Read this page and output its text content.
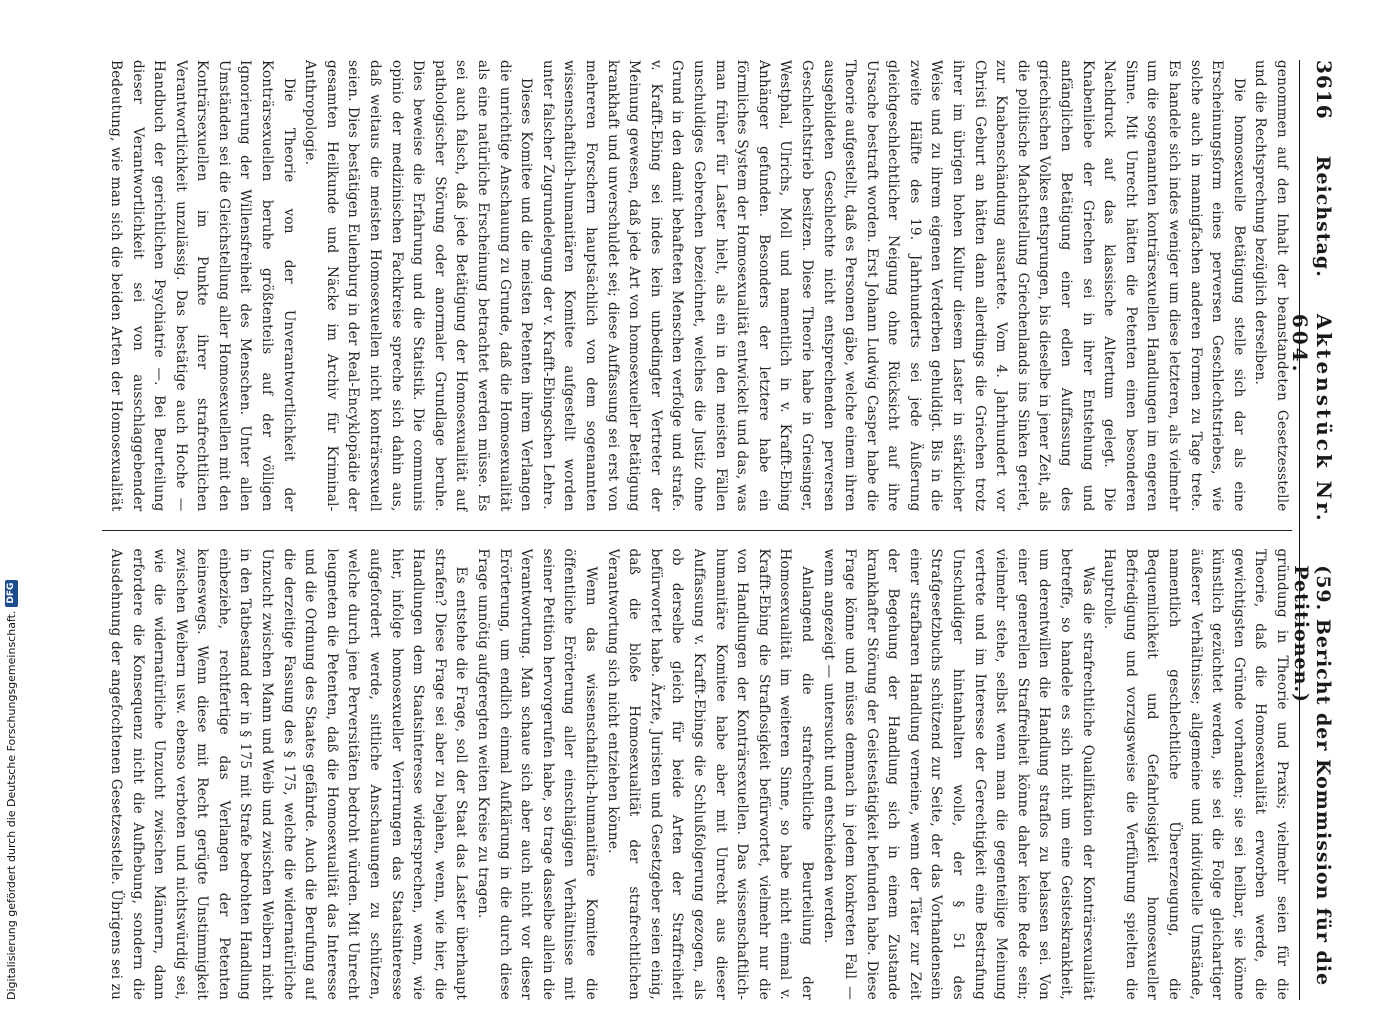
3616
Reichstag.
Aktenstück Nr. 604.
(59. Bericht der Kommission für die Petitionen.)

genommen auf den Inhalt der beanstandeten Gesetzesstelle und die Rechtsprechung bezüglich derselben.

Die homosexuelle Betätigung stelle sich dar als eine Erscheinungsform eines perversen Geschlechtstriebes, wie solche auch in mannigfachen anderen Formen zu Tage trete. Es handele sich indes weniger um diese letzteren, als vielmehr um die sogenannten konträrsexuellen Handlungen im engeren Sinne. Mit Unrecht hätten die Petenten einen besonderen Nachdruck auf das klassische Altertum gelegt. Die Knabenliebe der Griechen sei in ihrer Entstehung und anfänglichen Betätigung einer edlen Auffassung des griechischen Volkes entsprungen, bis dieselbe in jener Zeit, als die politische Machtstellung Griechenlands ins Sinken geriet, zur Knabenschändung ausartete. Vom 4. Jahrhundert vor Christi Geburt an hätten dann allerdings die Griechen trotz ihrer im übrigen hohen Kultur diesem Laster in stärklicher Weise und zu ihrem eigenen Verderben gehuldigt. Bis in die zweite Hälfte des 19. Jahrhunderts sei jede Äußerung gleichgeschlechtlicher Neigung ohne Rücksicht auf ihre Ursache bestraft worden. Erst Johann Ludwig Casper habe die Theorie aufgestellt, daß es Personen gäbe, welche einem ihren ausgebildeten Geschlechte nicht entsprechenden perversen Geschlechtstrieb besitzen. Diese Theorie habe in Griesinger, Westphal, Ulrichs, Moll und namentlich in v. Krafft-Ebing Anhänger gefunden. Besonders der letztere habe ein förmliches System der Homosexualität entwickelt und das, was man früher für Laster hielt, als ein in den meisten Fällen unschuldiges Gebrechen bezeichnet, welches die Justiz ohne Grund in den damit behafteten Menschen verfolge und strafe. v. Krafft-Ebing sei indes kein unbedingter Vertreter der Meinung gewesen, daß jede Art von homosexueller Betätigung krankhaft und unverschuldet sei; diese Auffassung sei erst von mehreren Forschern hauptsächlich von dem sogenannten wissenschaftlich-humanitären Komitee aufgestellt worden unter falscher Zugrundelegung der v. Krafft-Ebingschen Lehre.

Dieses Komitee und die meisten Petenten ihrem Verlangen die unrichtige Anschauung zu Grunde, daß die Homosexualität als eine natürliche Erscheinung betrachtet werden müsse. Es sei auch falsch, daß jede Betätigung der Homosexualität auf pathologischer Störung oder anormaler Grundlage beruhe. Dies beweise die Erfahrung und die Statistik. Die communis opinio der medizinischen Fachkreise spreche sich dahin aus, daß weitaus die meisten Homosexuellen nicht konträrsexuell seien. Dies bestätigen Eulenburg in der Real-Encyklopädie der gesamten Heilkunde und Näcke im Archiv für Kriminal-Anthropologie.

Die Theorie von der Unverantwortlichkeit der Konträrsexuellen beruhe größtenteils auf der völligen Ignorierung der Willensfreiheit des Menschen. Unter allen Umständen sei die Gleichstellung aller Homosexuellen mit den Konträrsexuellen im Punkte ihrer strafrechtlichen Verantwortlichkeit unzulässig. Das bestätige auch Hoche — Handbuch der gerichtlichen Psychiatrie —. Bei Beurteilung dieser Verantwortlichkeit sei von ausschlaggebender Bedeutung, wie man sich die beiden Arten der Homosexualität

gründung in Theorie und Praxis; vielmehr seien für die Theorie, daß die Homosexualität erworben werde, die gewichtigsten Gründe vorhanden; sie sei heilbar, sie könne künstlich gezüchtet werden, sie sei die Folge gleichartiger äußerer Verhältnisse; allgemeine und individuelle Umstände, namentlich geschlechtliche Übererzeugung, die Bequemlichkeit und Gefahrlosigkeit homosexueller Befriedigung und vorzugsweise die Verführung spielten die Hauptrolle.

Was die strafrechtliche Qualifikation der Konträrsexualität betreffe, so handele es sich nicht um eine Geisteskrankheit, um derentwillen die Handlung straflos zu belassen sei. Von einer generellen Straffreiheit könne daher keine Rede sein; vielmehr stehe, selbst wenn man die gegenteilige Meinung vertrete und im Interesse der Gerechtigkeit eine Bestrafung Unschuldiger hintanhalten wolle, der § 51 des Strafgesetzbuchs schützend zur Seite, der das Vorhandensein einer strafbaren Handlung verneine, wenn der Täter zur Zeit der Begehung der Handlung sich in einem Zustande krankhafter Störung der Geistestätigkeit befunden habe. Diese Frage könne und müsse demnach in jedem konkreten Fall — wenn angezeigt — untersucht und entschieden werden.

Anlangend die strafrechtliche Beurteilung der Homosexualität im weiteren Sinne, so habe nicht einmal v. Krafft-Ebing die Straflosigkeit befürwortet, vielmehr nur die von Handlungen der Konträrsexuellen. Das wissenschaftlich-humanitäre Komitee habe aber mit Unrecht aus dieser Auffassung v. Krafft-Ebings die Schlußfolgerung gezogen, als ob derselbe gleich für beide Arten der Straffreiheit befürwortet habe. Ärzte, Juristen und Gesetzgeber seien einig, daß die bloße Homosexualität der strafrechtlichen Verantwortung sich nicht entziehen könne.

Wenn das wissenschaftlich-humanitäre Komitee die öffentliche Erörterung aller einschlägigen Verhältnisse mit seiner Petition hervorgerufen habe, so trage dasselbe allein die Verantwortung. Man schaue sich aber auch nicht vor dieser Erörterung, um endlich einmal Aufklärung in die durch diese Frage unnötig aufgeregten weiten Kreise zu tragen.

Es entstehe die Frage, soll der Staat das Laster überhaupt strafen? Diese Frage sei aber zu bejahen, wenn, wie hier, die Handlungen dem Staatsinteresse widersprechen, wenn, wie hier, infolge homosexueller Verirrungen das Staatsinteresse aufgefordert werde, sittliche Anschauungen zu schützen, welche durch jene Perversitäten bedroht würden. Mit Unrecht leugneten die Petenten, daß die Homosexualität das Interesse und die Ordnung des Staates gefährde. Auch die Berufung auf die derzeitige Fassung des § 175, welche die widernatürliche Unzucht zwischen Mann und Weib und zwischen Weibern nicht in den Tatbestand der in § 175 mit Strafe bedrohten Handlung einbeziehe, rechtfertige das Verlangen der Petenten keineswegs. Wenn diese mit Recht gerügte Unstimmigkeit zwischen Weibern usw. ebenso verboten und nichtswürdig sei, wie die widernatürliche Unzucht zwischen Männern, dann erfordere die Konsequenz nicht die Aufhebung, sondern die Ausdehnung der angefochtenen Gesetzesstelle. Übrigens sei zu

Digitalisierung gefördert durch die Deutsche Forschungsgemeinschaft.
DFG
